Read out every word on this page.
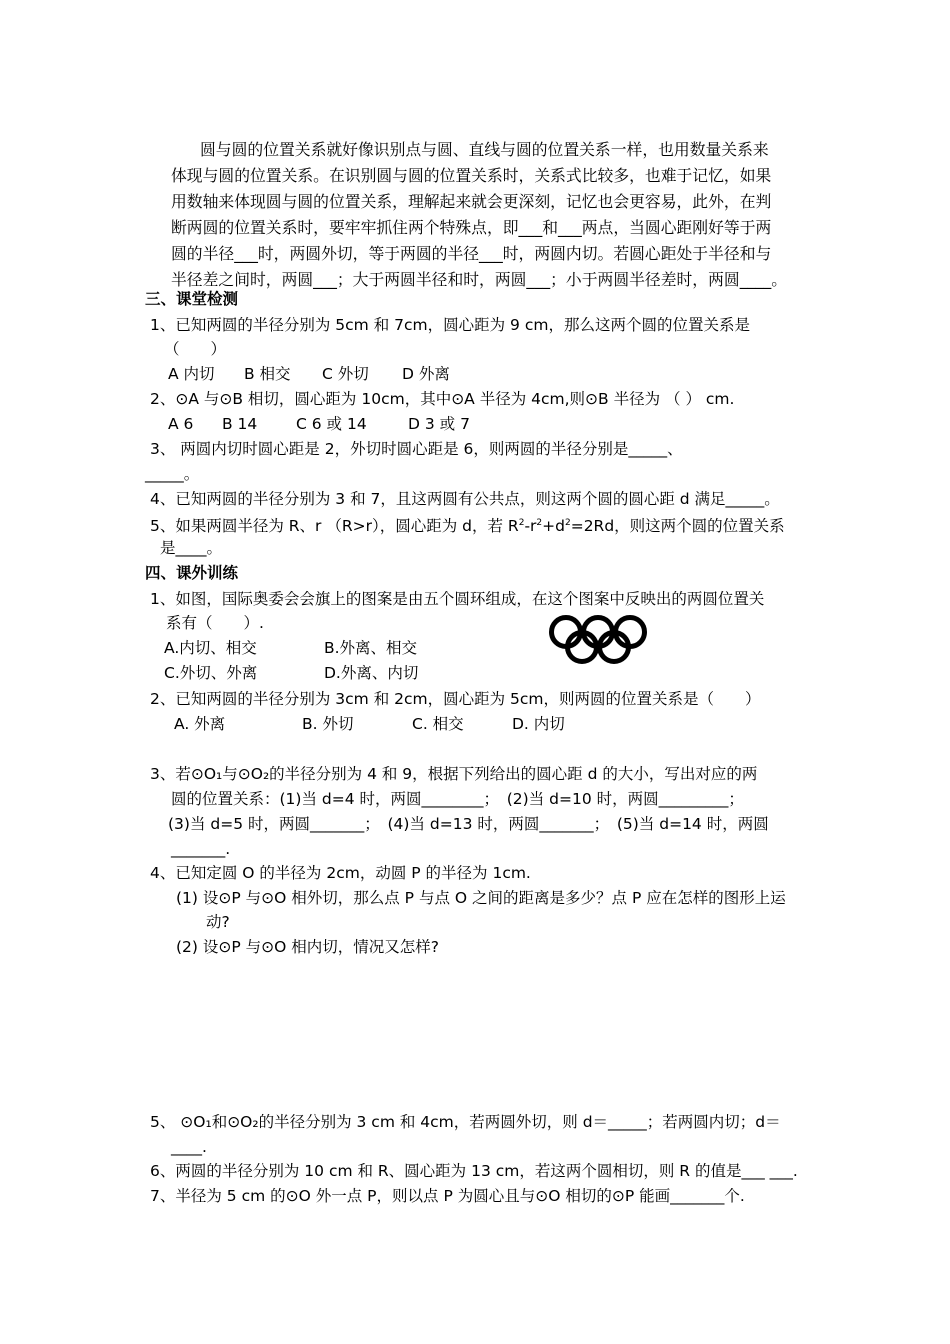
圆与圆的位置关系就好像识别点与圆、直线与圆的位置关系一样，也用数量关系来
体现与圆的位置关系。在识别圆与圆的位置关系时，关系式比较多，也难于记忆，如果
用数轴来体现圆与圆的位置关系，理解起来就会更深刻，记忆也会更容易，此外，在判
断两圆的位置关系时，要牢牢抓住两个特殊点，即___和___两点，当圆心距刚好等于两
圆的半径___时，两圆外切，等于两圆的半径___时，两圆内切。若圆心距处于半径和与
半径差之间时，两圆___；大于两圆半径和时，两圆___；小于两圆半径差时，两圆____。
三、课堂检测
1、已知两圆的半径分别为 5cm 和 7cm，圆心距为 9 cm，那么这两个圆的位置关系是
（　　）
A 内切 B 相交 C 外切 D 外离
2、⊙A 与⊙B 相切，圆心距为 10cm，其中⊙A 半径为 4cm,则⊙B 半径为 （ ） cm.
A 6 B 14 C 6 或 14	D 3 或 7
3、 两圆内切时圆心距是 2，外切时圆心距是 6，则两圆的半径分别是_____、
_____。
4、已知两圆的半径分别为 3 和 7，且这两圆有公共点，则这两个圆的圆心距 d 满足_____。
5、如果两圆半径为 R、r （R>r），圆心距为 d，若 $R^2-r^2+d^2=2Rd$，则这两个圆的位置关系
是____。
四、课外训练
1、如图，国际奥委会会旗上的图案是由五个圆环组成，在这个图案中反映出的两圆位置关
系有（　　）.
A.内切、相交	B.外离、相交
C.外切、外离	D.外离、内切
2、已知两圆的半径分别为 3cm 和 2cm，圆心距为 5cm，则两圆的位置关系是（　　）
A. 外离	B. 外切	C. 相交	D. 内切
3、若⊙O₁与⊙O₂的半径分别为 4 和 9，根据下列给出的圆心距 d 的大小，写出对应的两
圆的位置关系：(1)当 d=4 时，两圆________；　(2)当 d=10 时，两圆_________；
(3)当 d=5 时，两圆_______；　(4)当 d=13 时，两圆_______；　(5)当 d=14 时，两圆
_______.
4、已知定圆 O 的半径为 2cm，动圆 P 的半径为 1cm.
(1) 设⊙P 与⊙O 相外切，那么点 P 与点 O 之间的距离是多少？点 P 应在怎样的图形上运
动?
(2) 设⊙P 与⊙O 相内切，情况又怎样?
5、 ⊙O₁和⊙O₂的半径分别为 3 cm 和 4cm，若两圆外切，则 d＝_____；若两圆内切；d＝
____.
6、两圆的半径分别为 10 cm 和 R、圆心距为 13 cm，若这两个圆相切，则 R 的值是___ ___.
7、半径为 5 cm 的⊙O 外一点 P，则以点 P 为圆心且与⊙O 相切的⊙P 能画_______个.
